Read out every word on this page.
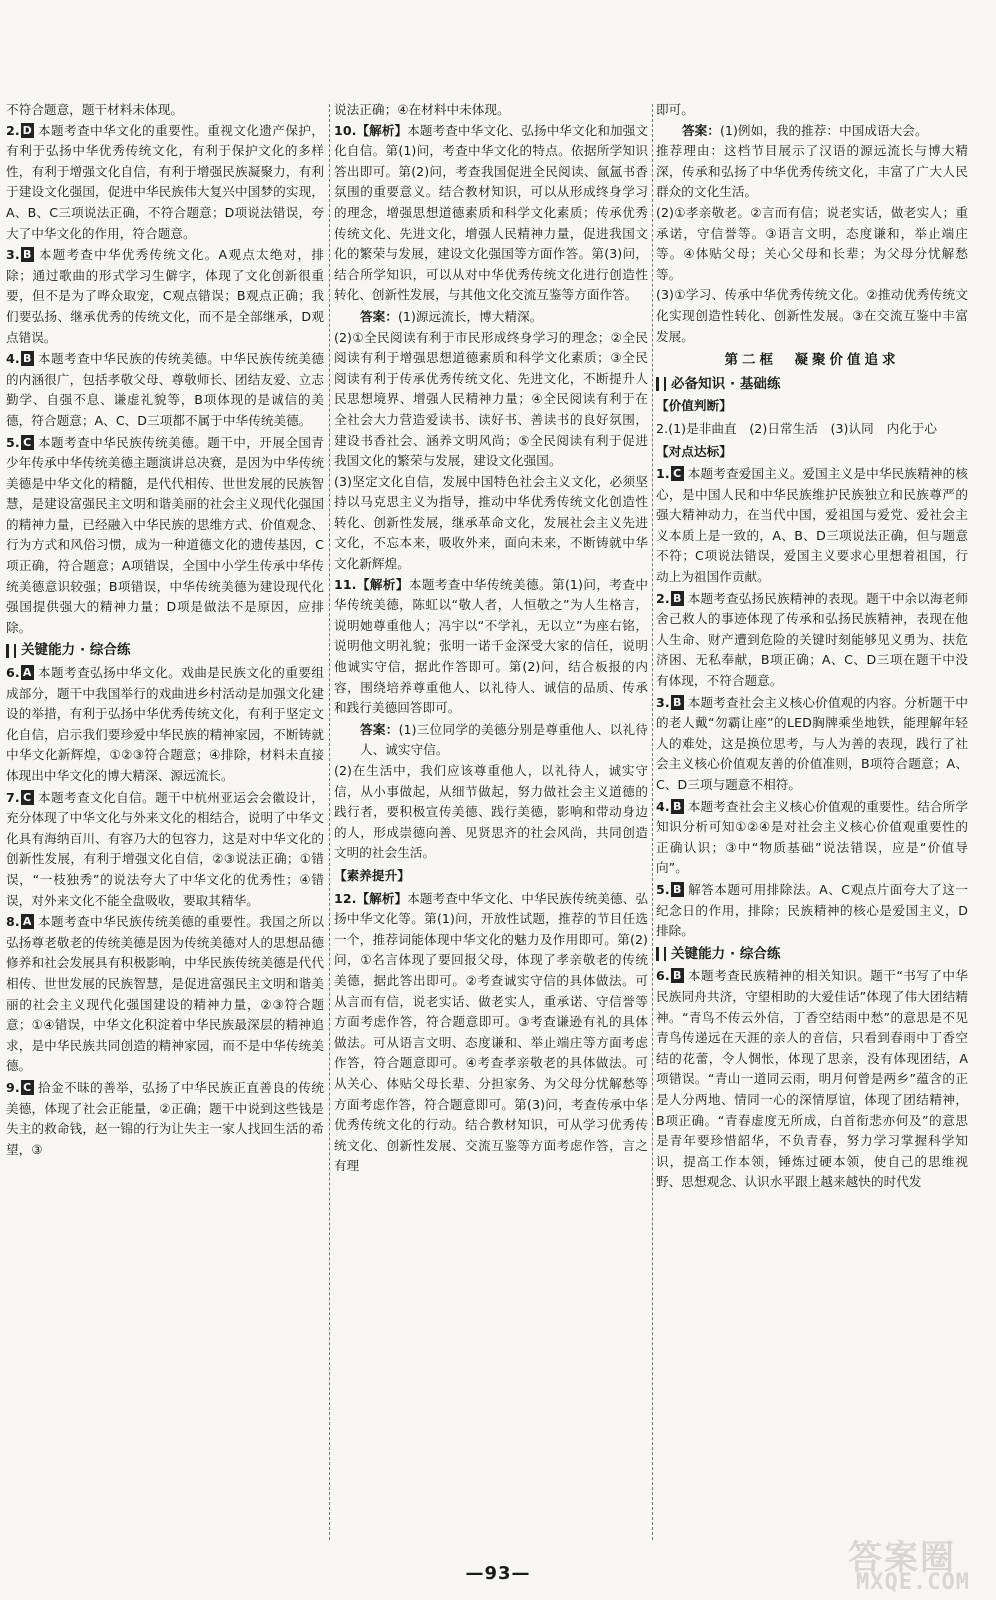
不符合题意，题干材料未体现。
2. D 本题考查中华文化的重要性。重视文化遗产保护，有利于弘扬中华优秀传统文化，有利于保护文化的多样性，有利于增强文化自信，有利于增强民族凝聚力，有利于建设文化强国，促进中华民族伟大复兴中国梦的实现，A、B、C三项说法正确，不符合题意；D项说法错误，夸大了中华文化的作用，符合题意。
3. B 本题考查中华优秀传统文化。A观点太绝对，排除；通过歌曲的形式学习生僻字，体现了文化创新很重要，但不是为了哗众取宠，C观点错误；B观点正确；我们要弘扬、继承优秀的传统文化，而不是全部继承，D观点错误。
4. B 本题考查中华民族的传统美德。中华民族传统美德的内涵很广，包括孝敬父母、尊敬师长、团结友爱、立志勤学、自强不息、谦虚礼貌等，B项体现的是诚信的美德，符合题意；A、C、D三项都不属于中华传统美德。
5. C 本题考查中华民族传统美德。题干中，开展全国青少年传承中华传统美德主题演讲总决赛，是因为中华传统美德是中华文化的精髓，是代代相传、世世发展的民族智慧，是建设富强民主文明和谐美丽的社会主义现代化强国的精神力量，已经融入中华民族的思维方式、价值观念、行为方式和风俗习惯，成为一种道德文化的遗传基因，C项正确，符合题意；A项错误，全国中小学生传承中华传统美德意识较强；B项错误，中华传统美德为建设现代化强国提供强大的精神力量；D项是做法不是原因，应排除。
关键能力 · 综合练
6. A 本题考查弘扬中华文化。戏曲是民族文化的重要组成部分，题干中我国举行的戏曲进乡村活动是加强文化建设的举措，有利于弘扬中华优秀传统文化，有利于坚定文化自信，启示我们要珍爱中华民族的精神家园，不断铸就中华文化新辉煌，①②③符合题意；④排除，材料未直接体现出中华文化的博大精深、源远流长。
7. C 本题考查文化自信。题干中杭州亚运会会徽设计，充分体现了中华文化与外来文化的相结合，说明了中华文化具有海纳百川、有容乃大的包容力，这是对中华文化的创新性发展，有利于增强文化自信，②③说法正确；①错误，“一枝独秀”的说法夸大了中华文化的优秀性；④错误，对外来文化不能全盘吸收，要取其精华。
8. A 本题考查中华民族传统美德的重要性。我国之所以弘扬尊老敬老的传统美德是因为传统美德对人的思想品德修养和社会发展具有积极影响，中华民族传统美德是代代相传、世世发展的民族智慧，是促进富强民主文明和谐美丽的社会主义现代化强国建设的精神力量，②③符合题意；①④错误，中华文化积淀着中华民族最深层的精神追求，是中华民族共同创造的精神家园，而不是中华传统美德。
9. C 拾金不昧的善举，弘扬了中华民族正直善良的传统美德，体现了社会正能量，②正确；题干中说到这些钱是失主的救命钱，赵一锦的行为让失主一家人找回生活的希望，③
说法正确；④在材料中未体现。
10.【解析】本题考查中华文化、弘扬中华文化和加强文化自信。第(1)问，考查中华文化的特点。依据所学知识答出即可。第(2)问，考查我国促进全民阅读、氤氲书香氛围的重要意义。结合教材知识，可以从形成终身学习的理念，增强思想道德素质和科学文化素质；传承优秀传统文化、先进文化，增强人民精神力量，促进我国文化的繁荣与发展，建设文化强国等方面作答。第(3)问，结合所学知识，可以从对中华优秀传统文化进行创造性转化、创新性发展，与其他文化交流互鉴等方面作答。
答案：(1)源远流长，博大精深。
(2)①全民阅读有利于市民形成终身学习的理念；②全民阅读有利于增强思想道德素质和科学文化素质；③全民阅读有利于传承优秀传统文化、先进文化，不断提升人民思想境界、增强人民精神力量；④全民阅读有利于在全社会大力营造爱读书、读好书、善读书的良好氛围，建设书香社会、涵养文明风尚；⑤全民阅读有利于促进我国文化的繁荣与发展，建设文化强国。
(3)坚定文化自信，发展中国特色社会主义文化，必须坚持以马克思主义为指导，推动中华优秀传统文化创造性转化、创新性发展，继承革命文化，发展社会主义先进文化，不忘本来，吸收外来，面向未来，不断铸就中华文化新辉煌。
11.【解析】本题考查中华传统美德。第(1)问，考查中华传统美德，陈虹以“敬人者，人恒敬之”为人生格言，说明她尊重他人；冯宇以“不学礼，无以立”为座右铭，说明他文明礼貌；张明一诺千金深受大家的信任，说明他诚实守信，据此作答即可。第(2)问，结合板报的内容，围绕培养尊重他人、以礼待人、诚信的品质、传承和践行美德回答即可。
答案：(1)三位同学的美德分别是尊重他人、以礼待人、诚实守信。
(2)在生活中，我们应该尊重他人，以礼待人，诚实守信，从小事做起，从细节做起，努力做社会主义道德的践行者，要积极宣传美德、践行美德，影响和带动身边的人，形成崇德向善、见贤思齐的社会风尚，共同创造文明的社会生活。
【素养提升】
12.【解析】本题考查中华文化、中华民族传统美德、弘扬中华文化等。第(1)问，开放性试题，推荐的节目任选一个，推荐词能体现中华文化的魅力及作用即可。第(2)问，①名言体现了要回报父母，体现了孝亲敬老的传统美德，据此答出即可。②考查诚实守信的具体做法。可从言而有信，说老实话、做老实人，重承诺、守信誉等方面考虑作答，符合题意即可。③考查谦逊有礼的具体做法。可从语言文明、态度谦和、举止端庄等方面考虑作答，符合题意即可。④考查孝亲敬老的具体做法。可从关心、体贴父母长辈、分担家务、为父母分忧解愁等方面考虑作答，符合题意即可。第(3)问，考查传承中华优秀传统文化的行动。结合教材知识，可从学习优秀传统文化、创新性发展、交流互鉴等方面考虑作答，言之有理
即可。
答案：(1)例如，我的推荐：中国成语大会。
推荐理由：这档节目展示了汉语的源远流长与博大精深，传承和弘扬了中华优秀传统文化，丰富了广大人民群众的文化生活。
(2)①孝亲敬老。②言而有信；说老实话，做老实人；重承诺，守信誉等。③语言文明，态度谦和，举止端庄等。④体贴父母；关心父母和长辈；为父母分忧解愁等。
(3)①学习、传承中华优秀传统文化。②推动优秀传统文化实现创造性转化、创新性发展。③在交流互鉴中丰富发展。
第二框　凝聚价值追求
必备知识 · 基础练
【价值判断】
2.(1)是非曲直　(2)日常生活　(3)认同　内化于心
【对点达标】
1. C 本题考查爱国主义。爱国主义是中华民族精神的核心，是中国人民和中华民族维护民族独立和民族尊严的强大精神动力，在当代中国，爱祖国与爱党、爱社会主义本质上是一致的，A、B、D三项说法正确，但与题意不符；C项说法错误，爱国主义要求心里想着祖国，行动上为祖国作贡献。
2. B 本题考查弘扬民族精神的表现。题干中余以海老师舍己救人的事迹体现了传承和弘扬民族精神，表现在他人生命、财产遭到危险的关键时刻能够见义勇为、扶危济困、无私奉献，B项正确；A、C、D三项在题干中没有体现，不符合题意。
3. B 本题考查社会主义核心价值观的内容。分析题干中的老人戴“勿霸让座”的LED胸牌乘坐地铁，能理解年轻人的难处，这是换位思考，与人为善的表现，践行了社会主义核心价值观友善的价值准则，B项符合题意；A、C、D三项与题意不相符。
4. B 本题考查社会主义核心价值观的重要性。结合所学知识分析可知①②④是对社会主义核心价值观重要性的正确认识；③中“物质基础”说法错误，应是“价值导向”。
5. B 解答本题可用排除法。A、C观点片面夸大了这一纪念日的作用，排除；民族精神的核心是爱国主义，D排除。
关键能力 · 综合练
6. B 本题考查民族精神的相关知识。题干“书写了中华民族同舟共济，守望相助的大爱佳话”体现了伟大团结精神。“青鸟不传云外信，丁香空结雨中愁”的意思是不见青鸟传递远在天涯的亲人的音信，只看到春雨中丁香空结的花蕾，令人惆怅，体现了思亲，没有体现团结，A项错误。“青山一道同云雨，明月何曾是两乡”蕴含的正是人分两地、情同一心的深情厚谊，体现了团结精神，B项正确。“青春虚度无所成，白首衔悲亦何及”的意思是青年要珍惜韶华，不负青春，努力学习掌握科学知识，提高工作本领，锤炼过硬本领，使自己的思维视野、思想观念、认识水平跟上越来越快的时代发
—93—	答案圈
MXQE.COM
